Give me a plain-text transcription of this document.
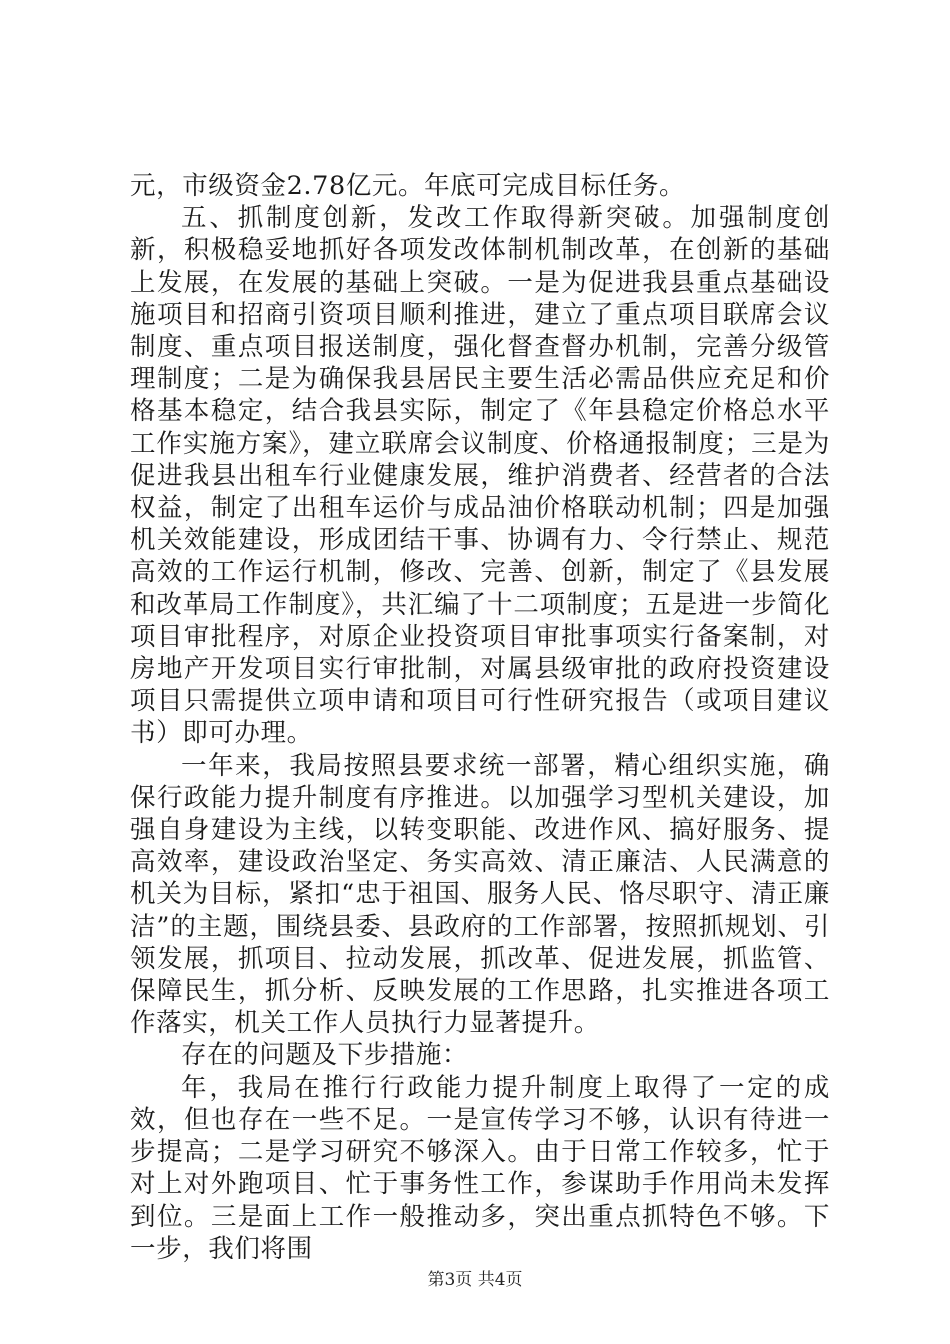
元，市级资金2.78亿元。年底可完成目标任务。

五、抓制度创新，发改工作取得新突破。加强制度创新，积极稳妥地抓好各项发改体制机制改革，在创新的基础上发展，在发展的基础上突破。一是为促进我县重点基础设施项目和招商引资项目顺利推进，建立了重点项目联席会议制度、重点项目报送制度，强化督查督办机制，完善分级管理制度；二是为确保我县居民主要生活必需品供应充足和价格基本稳定，结合我县实际，制定了《年县稳定价格总水平工作实施方案》，建立联席会议制度、价格通报制度；三是为促进我县出租车行业健康发展，维护消费者、经营者的合法权益，制定了出租车运价与成品油价格联动机制；四是加强机关效能建设，形成团结干事、协调有力、令行禁止、规范高效的工作运行机制，修改、完善、创新，制定了《县发展和改革局工作制度》，共汇编了十二项制度；五是进一步简化项目审批程序，对原企业投资项目审批事项实行备案制，对房地产开发项目实行审批制，对属县级审批的政府投资建设项目只需提供立项申请和项目可行性研究报告（或项目建议书）即可办理。

一年来，我局按照县要求统一部署，精心组织实施，确保行政能力提升制度有序推进。以加强学习型机关建设，加强自身建设为主线，以转变职能、改进作风、搞好服务、提高效率，建设政治坚定、务实高效、清正廉洁、人民满意的机关为目标，紧扣“忠于祖国、服务人民、恪尽职守、清正廉洁”的主题，围绕县委、县政府的工作部署，按照抓规划、引领发展，抓项目、拉动发展，抓改革、促进发展，抓监管、保障民生，抓分析、反映发展的工作思路，扎实推进各项工作落实，机关工作人员执行力显著提升。

存在的问题及下步措施：

年，我局在推行行政能力提升制度上取得了一定的成效，但也存在一些不足。一是宣传学习不够，认识有待进一步提高；二是学习研究不够深入。由于日常工作较多，忙于对上对外跑项目、忙于事务性工作，参谋助手作用尚未发挥到位。三是面上工作一般推动多，突出重点抓特色不够。下一步，我们将围

第3页 共4页
